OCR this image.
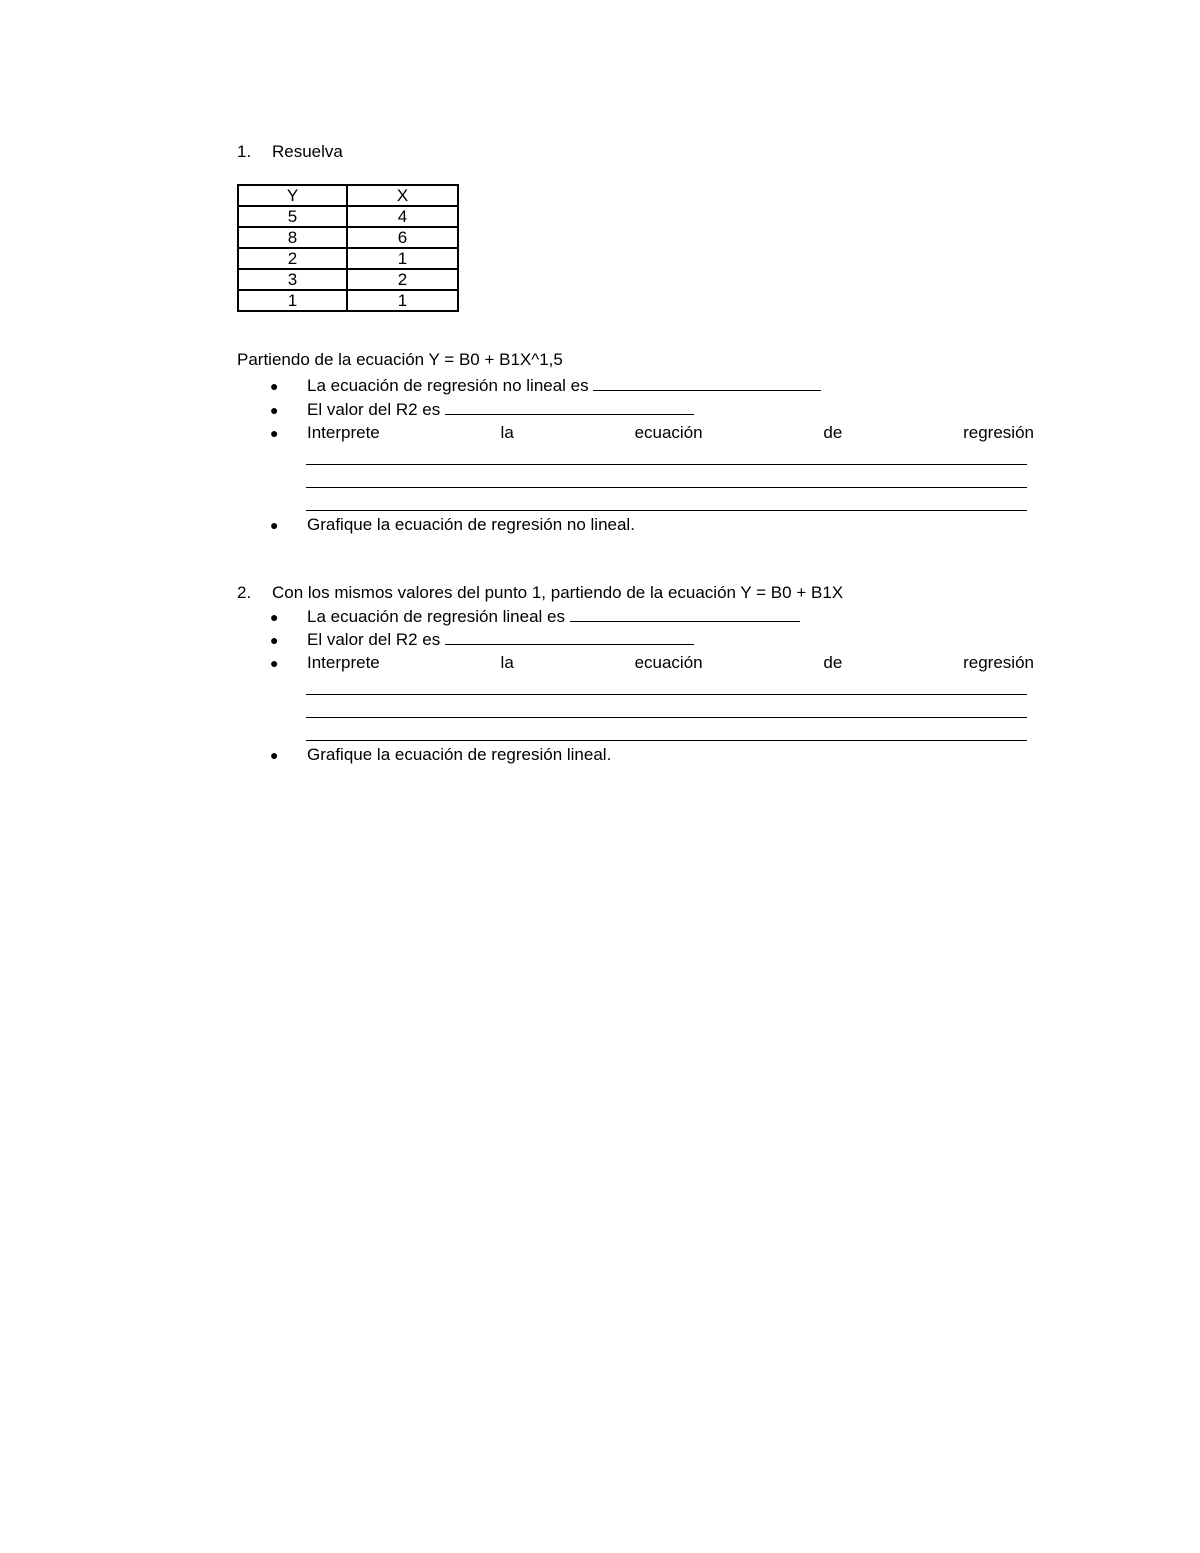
1. Resuelva
Y	X
5	4
8	6
2	1
3	2
1	1
Partiendo de la ecuación Y = B0 + B1X^1,5
● La ecuación de regresión no lineal es
● El valor del R2 es
●	Interprete	la	ecuación	de	regresión
● Grafique la ecuación de regresión no lineal.
2. Con los mismos valores del punto 1, partiendo de la ecuación Y = B0 + B1X
● La ecuación de regresión lineal es
● El valor del R2 es
●	Interprete	la	ecuación	de	regresión
● Grafique la ecuación de regresión lineal.
